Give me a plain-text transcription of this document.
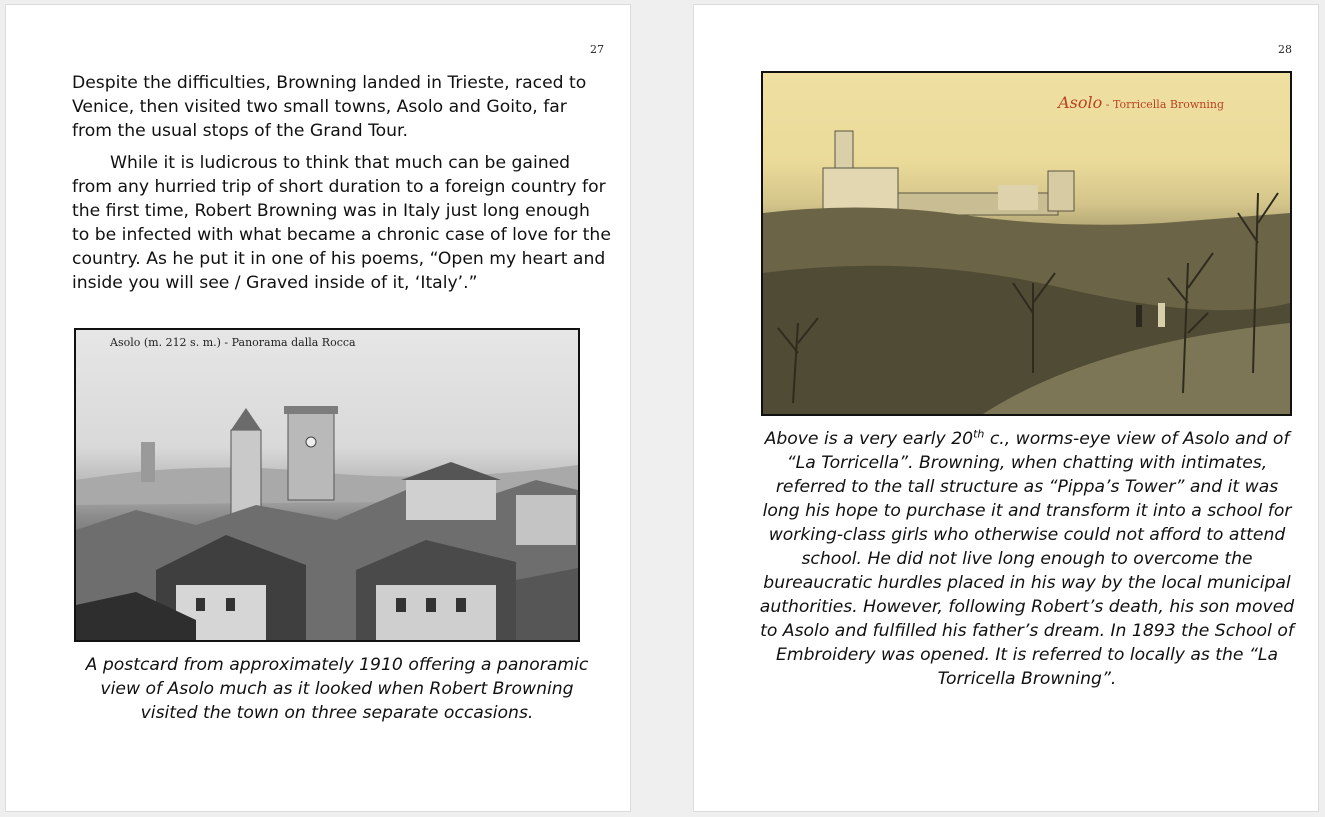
27

Despite the difficulties, Browning landed in Trieste, raced to Venice, then visited two small towns, Asolo and Goito, far from the usual stops of the Grand Tour.

While it is ludicrous to think that much can be gained from any hurried trip of short duration to a foreign country for the first time, Robert Browning was in Italy just long enough to be infected with what became a chronic case of love for the country. As he put it in one of his poems, “Open my heart and inside you will see / Graved inside of it, ‘Italy’.”

Asolo (m. 212 s. m.) - Panorama dalla Rocca
A postcard from approximately 1910 offering a panoramic view of Asolo much as it looked when Robert Browning visited the town on three separate occasions.
28
Asolo - Torricella Browning
Above is a very early 20th c., worms-eye view of Asolo and of “La Torricella”. Browning, when chatting with intimates, referred to the tall structure as “Pippa’s Tower” and it was long his hope to purchase it and transform it into a school for working-class girls who otherwise could not afford to attend school. He did not live long enough to overcome the bureaucratic hurdles placed in his way by the local municipal authorities. However, following Robert’s death, his son moved to Asolo and fulfilled his father’s dream. In 1893 the School of Embroidery was opened. It is referred to locally as the “La Torricella Browning”.
